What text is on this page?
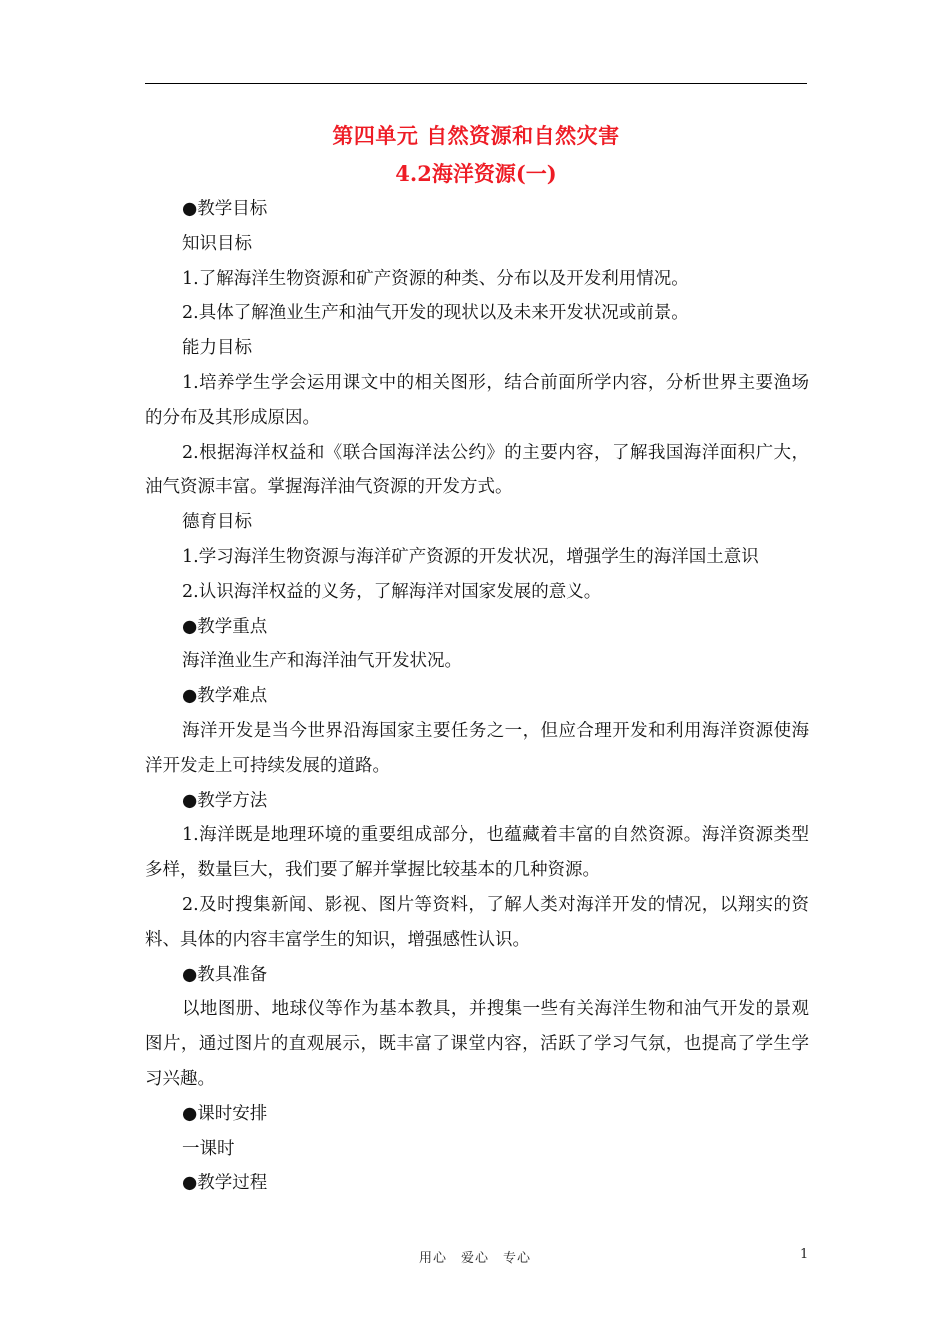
第四单元 自然资源和自然灾害
4.2海洋资源(一)

●教学目标

知识目标

1.了解海洋生物资源和矿产资源的种类、分布以及开发利用情况。

2.具体了解渔业生产和油气开发的现状以及未来开发状况或前景。

能力目标

1.培养学生学会运用课文中的相关图形，结合前面所学内容，分析世界主要渔场的分布及其形成原因。

2.根据海洋权益和《联合国海洋法公约》的主要内容，了解我国海洋面积广大，油气资源丰富。掌握海洋油气资源的开发方式。

德育目标

1.学习海洋生物资源与海洋矿产资源的开发状况，增强学生的海洋国土意识

2.认识海洋权益的义务，了解海洋对国家发展的意义。

●教学重点

海洋渔业生产和海洋油气开发状况。

●教学难点

海洋开发是当今世界沿海国家主要任务之一，但应合理开发和利用海洋资源使海洋开发走上可持续发展的道路。

●教学方法

1.海洋既是地理环境的重要组成部分，也蕴藏着丰富的自然资源。海洋资源类型多样，数量巨大，我们要了解并掌握比较基本的几种资源。

2.及时搜集新闻、影视、图片等资料，了解人类对海洋开发的情况，以翔实的资料、具体的内容丰富学生的知识，增强感性认识。

●教具准备

以地图册、地球仪等作为基本教具，并搜集一些有关海洋生物和油气开发的景观图片，通过图片的直观展示，既丰富了课堂内容，活跃了学习气氛，也提高了学生学习兴趣。

●课时安排

一课时

●教学过程

用心　爱心　专心	1
